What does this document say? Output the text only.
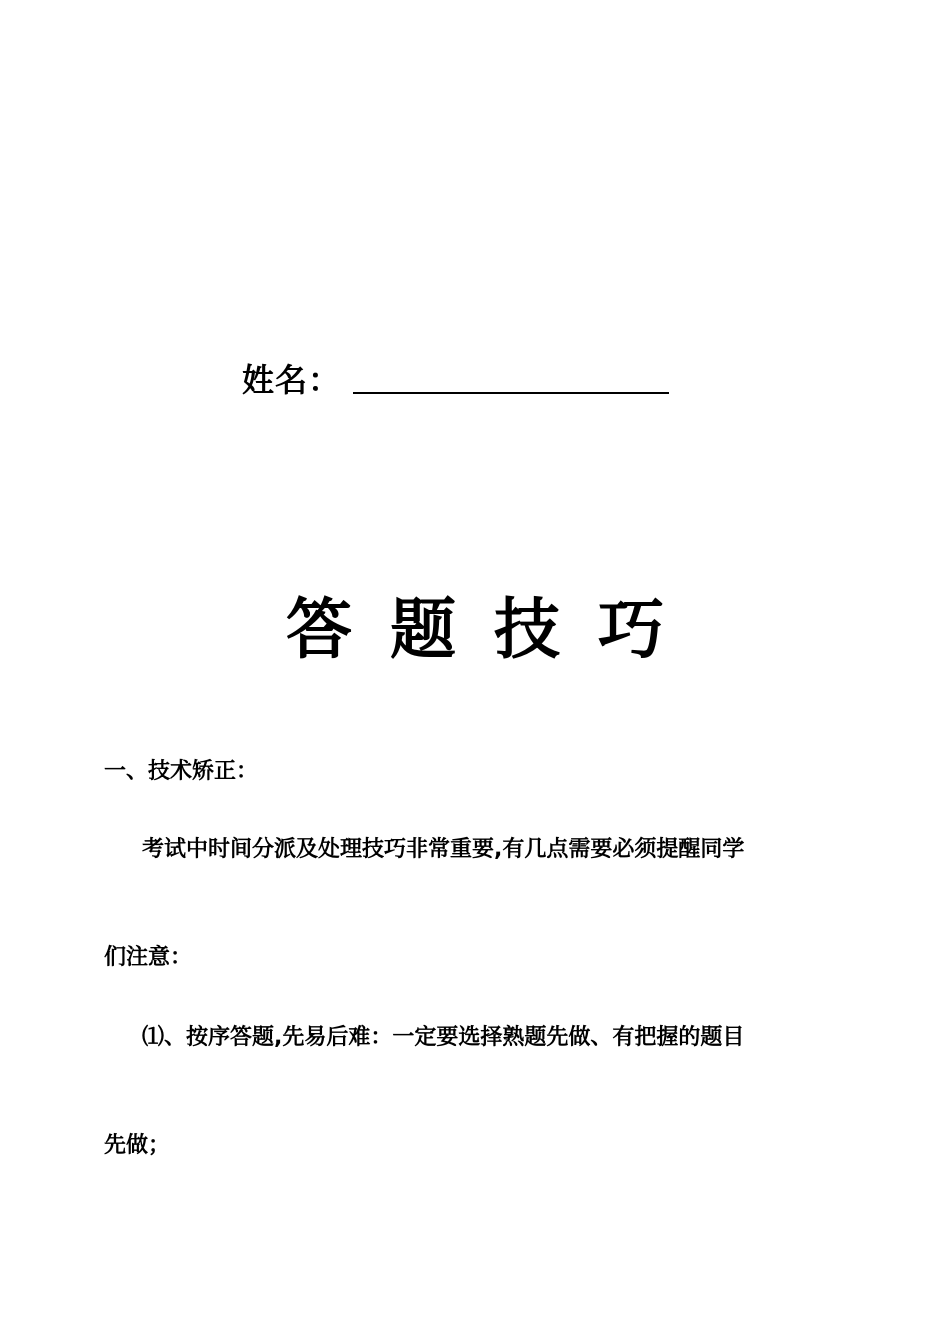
姓名：
答题技巧
一、技术矫正：
考试中时间分派及处理技巧非常重要,有几点需要必须提醒同学
们注意：
⑴、按序答题,先易后难：一定要选择熟题先做、有把握的题目
先做；
